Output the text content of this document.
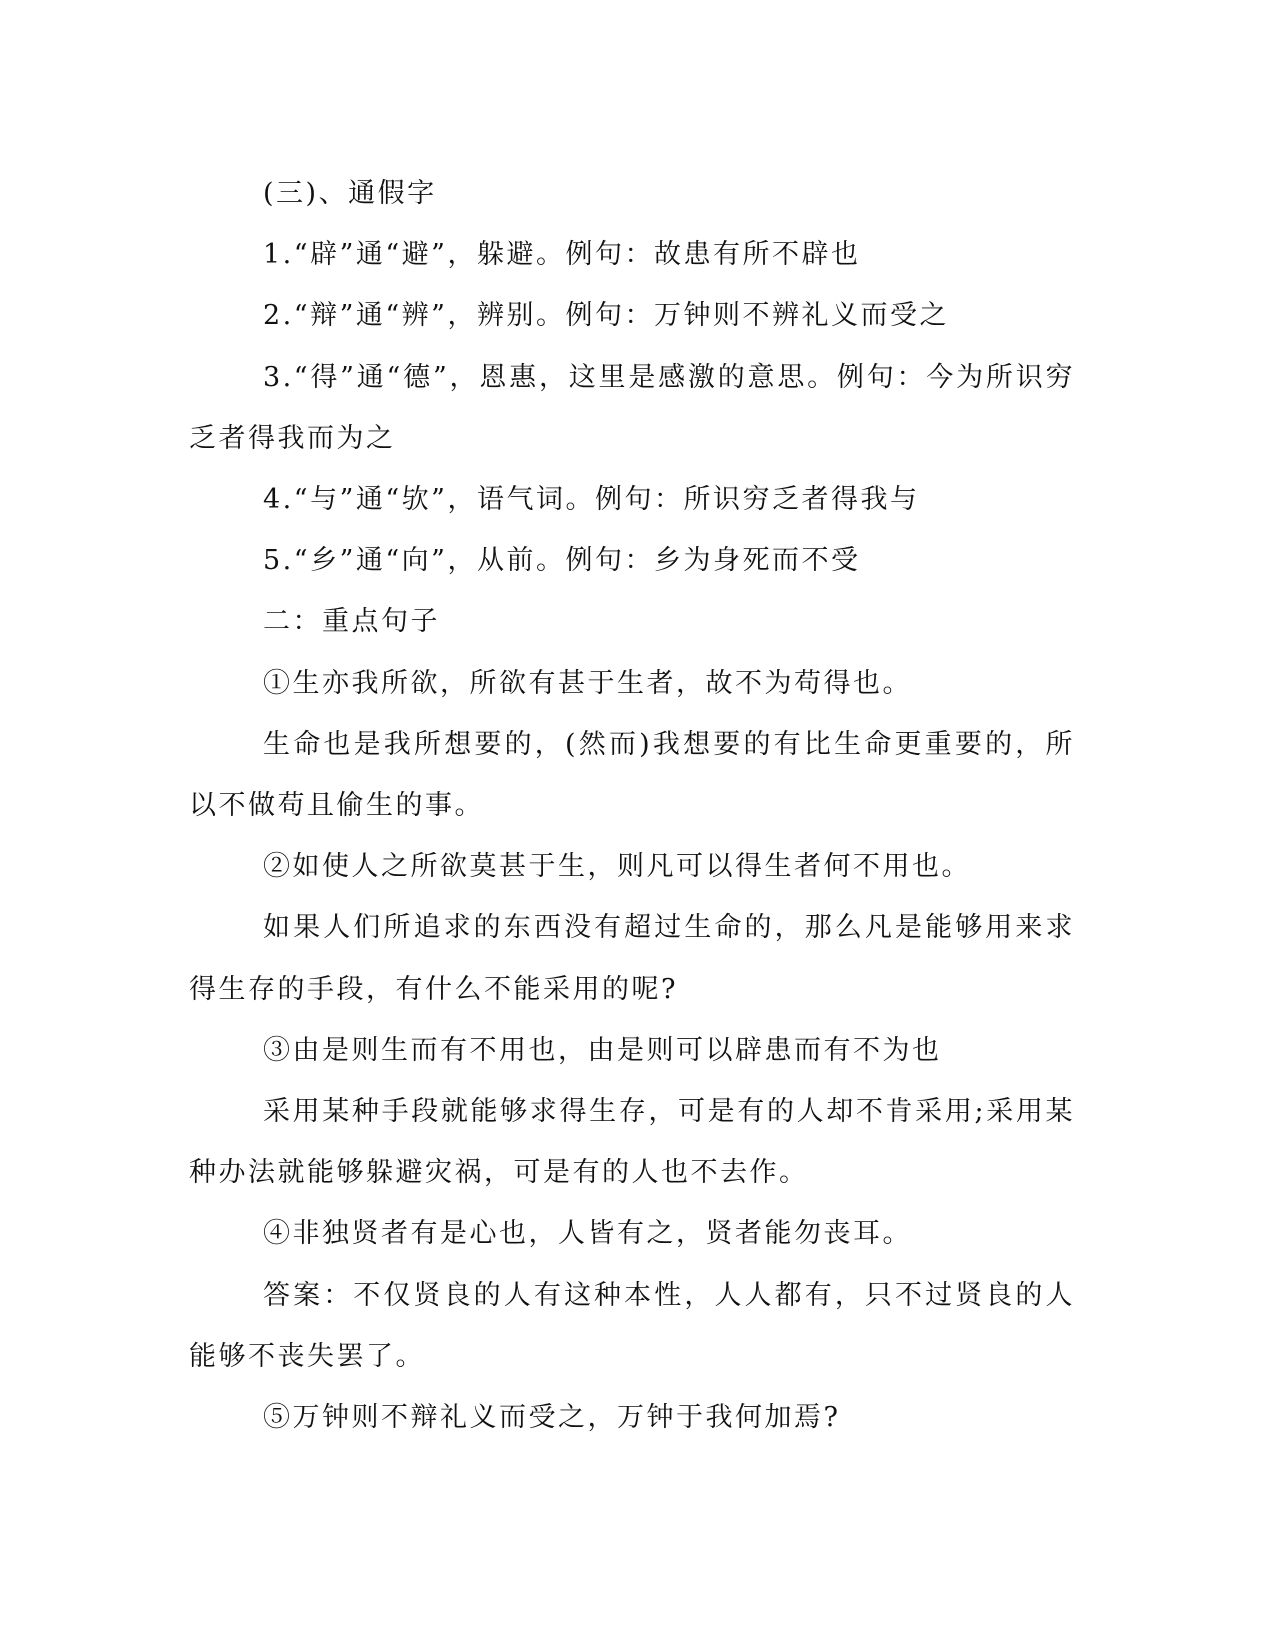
(三)、通假字

1.“辟”通“避”，躲避。例句：故患有所不辟也

2.“辩”通“辨”，辨别。例句：万钟则不辨礼义而受之

3.“得”通“德”，恩惠，这里是感激的意思。例句：今为所识穷乏者得我而为之

4.“与”通“欤”，语气词。例句：所识穷乏者得我与

5.“乡”通“向”，从前。例句：乡为身死而不受

二：重点句子

①生亦我所欲，所欲有甚于生者，故不为苟得也。

生命也是我所想要的，(然而)我想要的有比生命更重要的，所以不做苟且偷生的事。

②如使人之所欲莫甚于生，则凡可以得生者何不用也。

如果人们所追求的东西没有超过生命的，那么凡是能够用来求得生存的手段，有什么不能采用的呢?

③由是则生而有不用也，由是则可以辟患而有不为也

采用某种手段就能够求得生存，可是有的人却不肯采用;采用某种办法就能够躲避灾祸，可是有的人也不去作。

④非独贤者有是心也，人皆有之，贤者能勿丧耳。

答案：不仅贤良的人有这种本性，人人都有，只不过贤良的人能够不丧失罢了。

⑤万钟则不辩礼义而受之，万钟于我何加焉?
